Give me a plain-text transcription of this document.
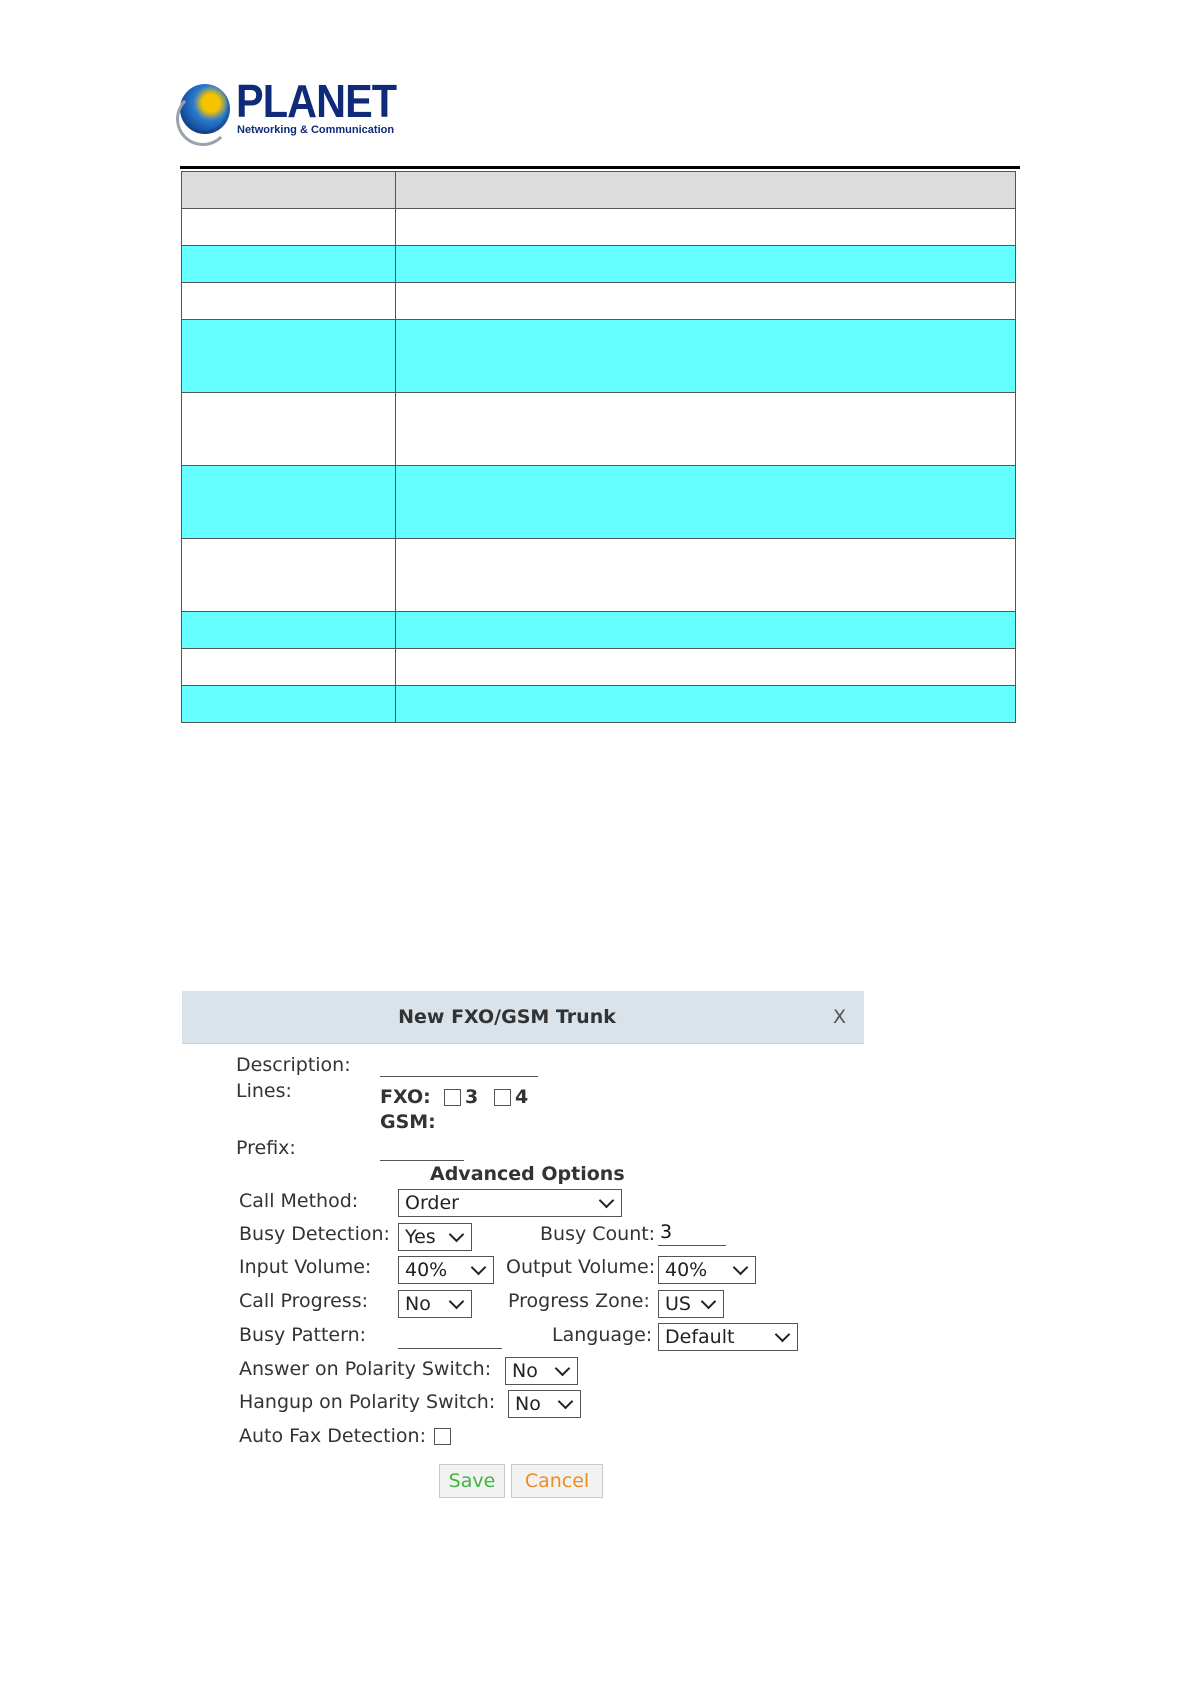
PLANET
Networking & Communication

New FXO/GSM Trunk	X
Description:
Lines:	FXO: 3 4
GSM:
Prefix:
Advanced Options
Call Method: Order
Busy Detection: Yes	Busy Count: 3
Input Volume: 40%	Output Volume: 40%
Call Progress: No	Progress Zone: US
Busy Pattern:	Language: Default
Answer on Polarity Switch: No
Hangup on Polarity Switch: No
Auto Fax Detection:
Save	Cancel
